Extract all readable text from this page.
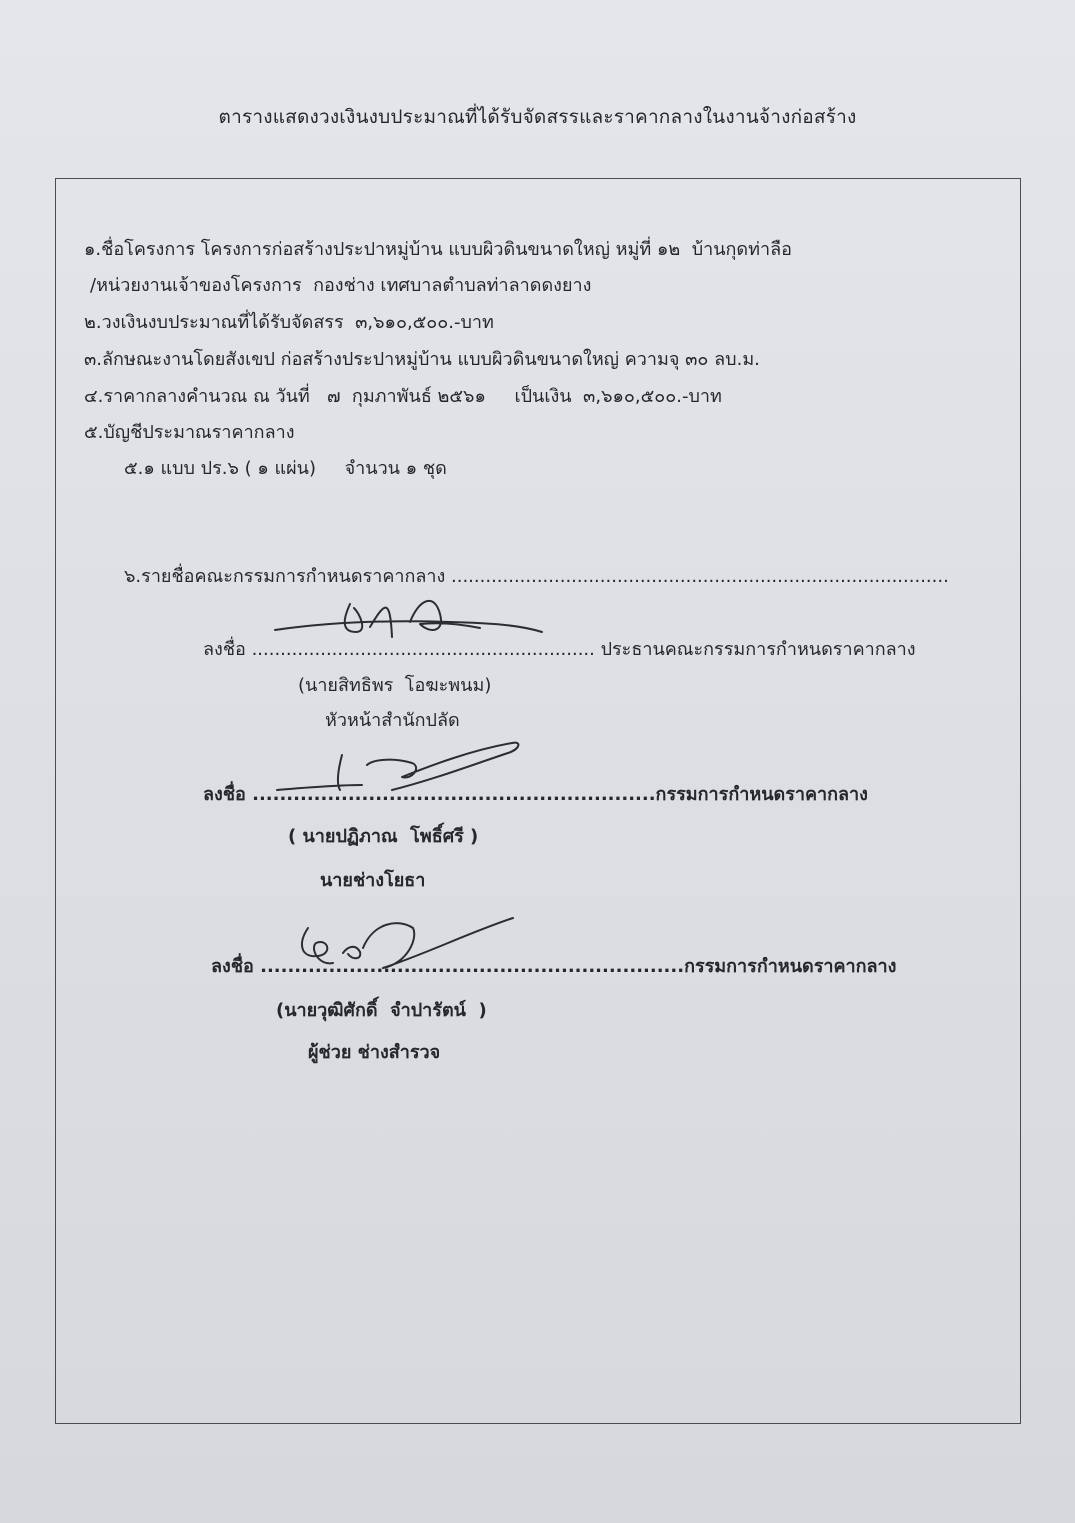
ตารางแสดงวงเงินงบประมาณที่ได้รับจัดสรรและราคากลางในงานจ้างก่อสร้าง
๑.ชื่อโครงการ โครงการก่อสร้างประปาหมู่บ้าน แบบผิวดินขนาดใหญ่ หมู่ที่ ๑๒  บ้านกุดท่าลือ
/หน่วยงานเจ้าของโครงการ  กองช่าง เทศบาลตำบลท่าลาดดงยาง
๒.วงเงินงบประมาณที่ได้รับจัดสรร  ๓,๖๑๐,๕๐๐.-บาท
๓.ลักษณะงานโดยสังเขป ก่อสร้างประปาหมู่บ้าน แบบผิวดินขนาดใหญ่ ความจุ ๓๐ ลบ.ม.
๔.ราคากลางคำนวณ ณ วันที่   ๗  กุมภาพันธ์ ๒๕๖๑     เป็นเงิน  ๓,๖๑๐,๕๐๐.-บาท
๕.บัญชีประมาณราคากลาง
๕.๑ แบบ ปร.๖ ( ๑ แผ่น)     จำนวน ๑ ชุด
๖.รายชื่อคณะกรรมการกำหนดราคากลาง .......................................................................................
ลงชื่อ ............................................................ ประธานคณะกรรมการกำหนดราคากลาง
(นายสิทธิพร  โอฆะพนม)
หัวหน้าสำนักปลัด
ลงชื่อ ...........................................................กรรมการกำหนดราคากลาง
( นายปฏิภาณ  โพธิ์ศรี )
นายช่างโยธา
ลงชื่อ ..............................................................กรรมการกำหนดราคากลาง
(นายวุฒิศักดิ์  จำปารัตน์  )
ผู้ช่วย ช่างสำรวจ
